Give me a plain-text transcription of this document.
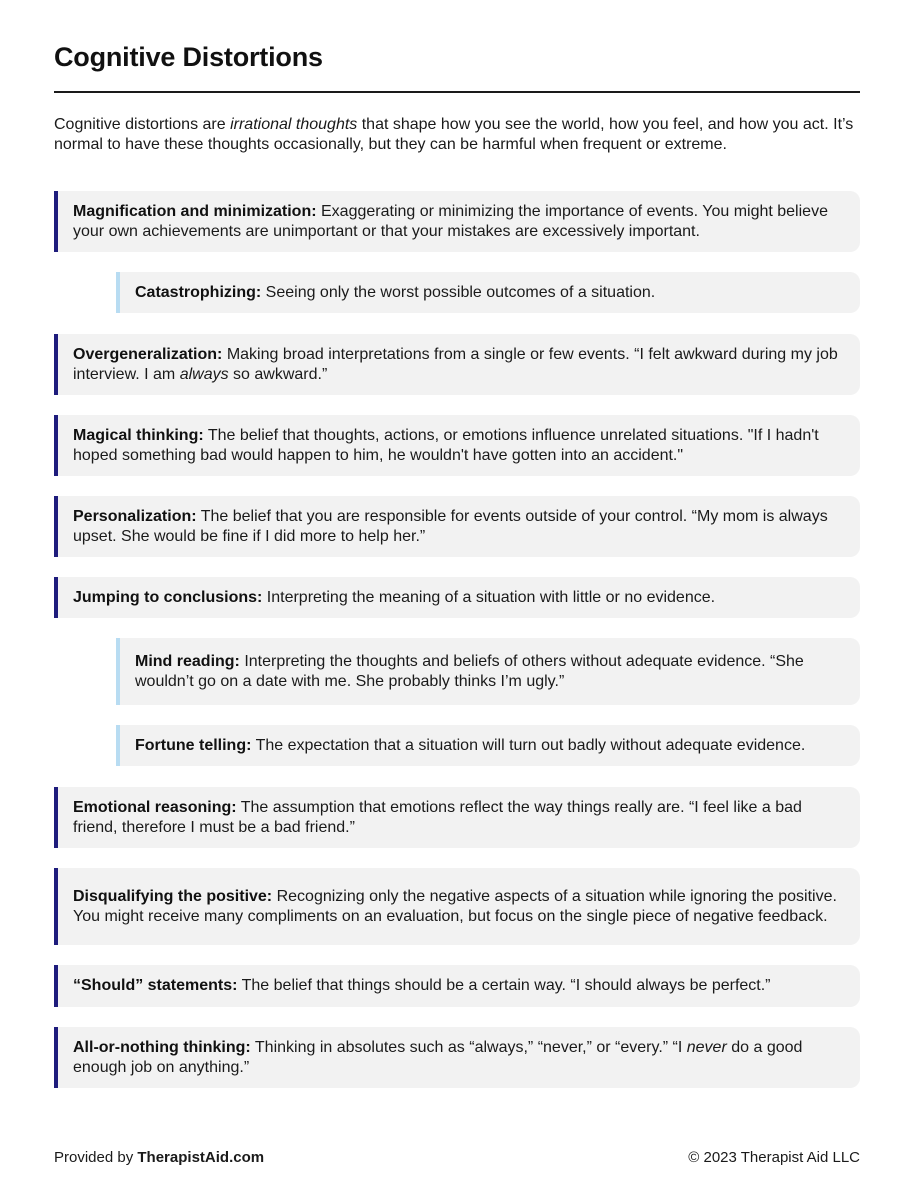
Cognitive Distortions

Cognitive distortions are irrational thoughts that shape how you see the world, how you feel, and how you act. It’s normal to have these thoughts occasionally, but they can be harmful when frequent or extreme.

Magnification and minimization: Exaggerating or minimizing the importance of events. You might believe your own achievements are unimportant or that your mistakes are excessively important.
Catastrophizing: Seeing only the worst possible outcomes of a situation.
Overgeneralization: Making broad interpretations from a single or few events. “I felt awkward during my job interview. I am always so awkward.”
Magical thinking: The belief that thoughts, actions, or emotions influence unrelated situations. "If I hadn't hoped something bad would happen to him, he wouldn't have gotten into an accident."
Personalization: The belief that you are responsible for events outside of your control. “My mom is always upset. She would be fine if I did more to help her.”
Jumping to conclusions: Interpreting the meaning of a situation with little or no evidence.
Mind reading: Interpreting the thoughts and beliefs of others without adequate evidence. “She wouldn’t go on a date with me. She probably thinks I’m ugly.”
Fortune telling: The expectation that a situation will turn out badly without adequate evidence.
Emotional reasoning: The assumption that emotions reflect the way things really are. “I feel like a bad friend, therefore I must be a bad friend.”
Disqualifying the positive: Recognizing only the negative aspects of a situation while ignoring the positive. You might receive many compliments on an evaluation, but focus on the single piece of negative feedback.
“Should” statements: The belief that things should be a certain way. “I should always be perfect.”
All-or-nothing thinking: Thinking in absolutes such as “always,” “never,” or “every.” “I never do a good enough job on anything.”
Provided by TherapistAid.com	© 2023 Therapist Aid LLC
